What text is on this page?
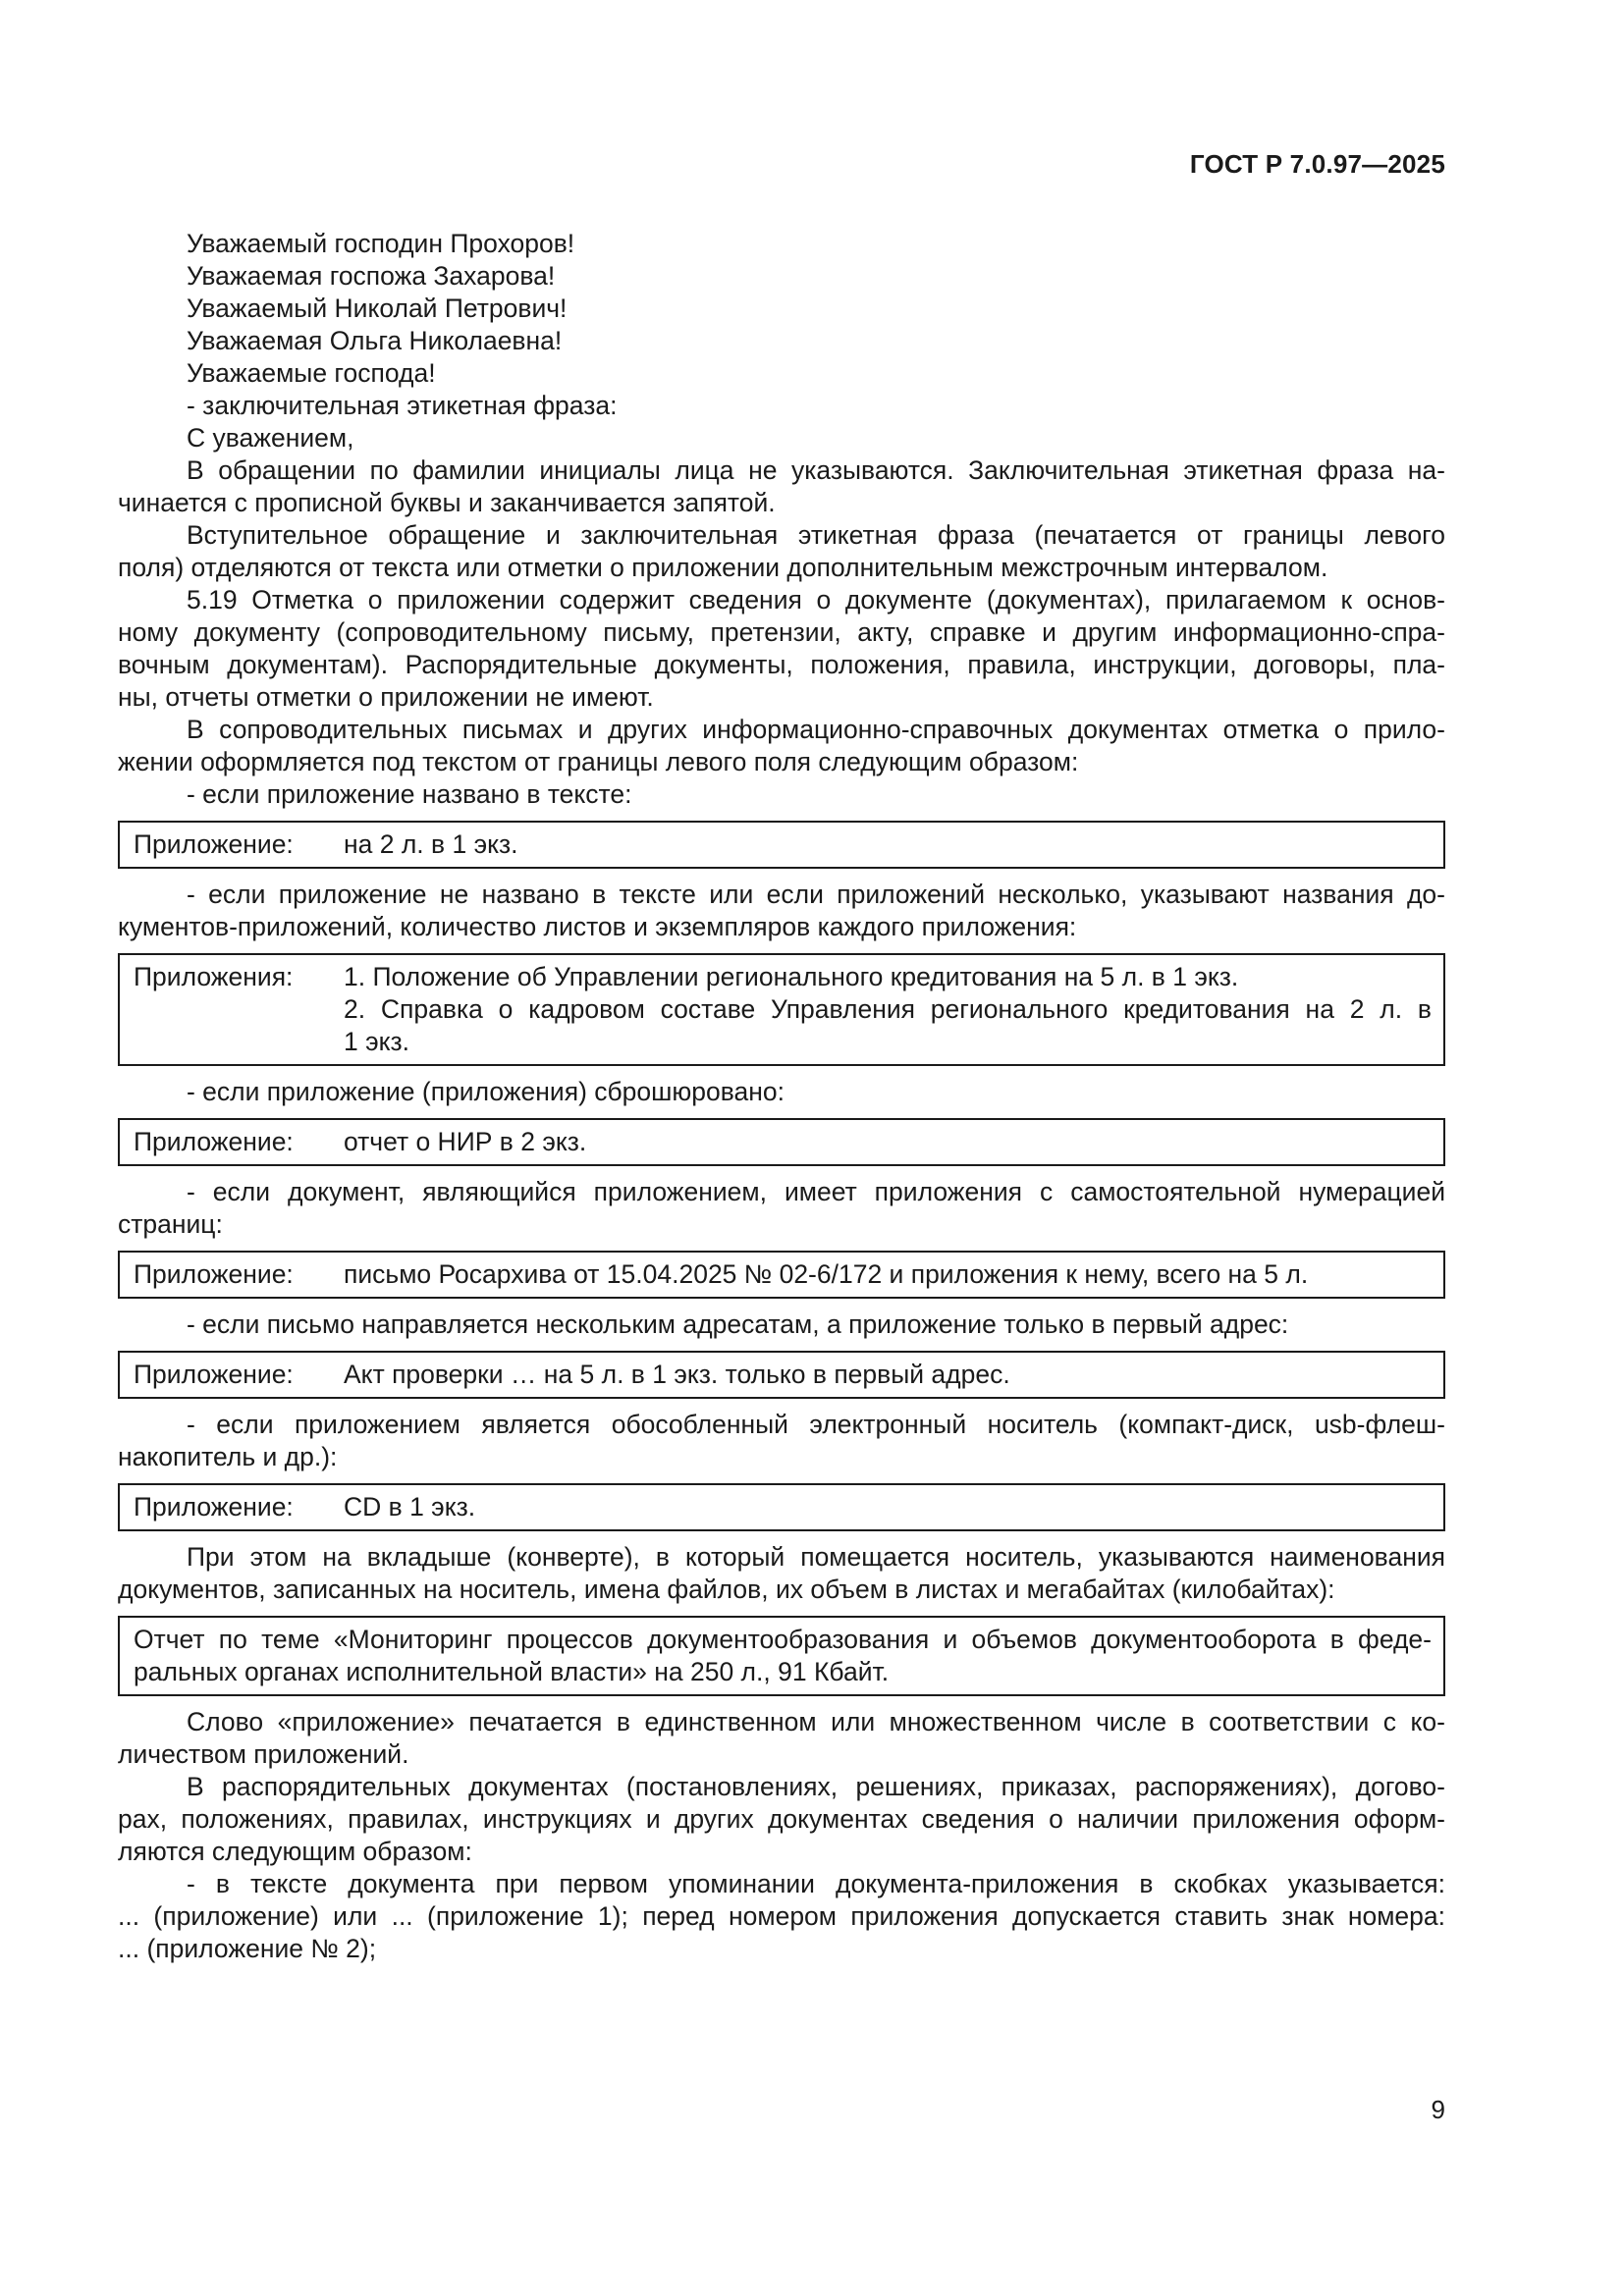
ГОСТ Р 7.0.97—2025
Уважаемый господин Прохоров!
Уважаемая госпожа Захарова!
Уважаемый Николай Петрович!
Уважаемая Ольга Николаевна!
Уважаемые господа!
- заключительная этикетная фраза:
С уважением,
В обращении по фамилии инициалы лица не указываются. Заключительная этикетная фраза на-
чинается с прописной буквы и заканчивается запятой.
Вступительное обращение и заключительная этикетная фраза (печатается от границы левого
поля) отделяются от текста или отметки о приложении дополнительным межстрочным интервалом.
5.19 Отметка о приложении содержит сведения о документе (документах), прилагаемом к основ-
ному документу (сопроводительному письму, претензии, акту, справке и другим информационно-спра-
вочным документам). Распорядительные документы, положения, правила, инструкции, договоры, пла-
ны, отчеты отметки о приложении не имеют.
В сопроводительных письмах и других информационно-справочных документах отметка о прило-
жении оформляется под текстом от границы левого поля следующим образом:
- если приложение названо в тексте:
Приложение:	на 2 л. в 1 экз.
- если приложение не названо в тексте или если приложений несколько, указывают названия до-
кументов-приложений, количество листов и экземпляров каждого приложения:
Приложения:	1. Положение об Управлении регионального кредитования на 5 л. в 1 экз.
2. Справка о кадровом составе Управления регионального кредитования на 2 л. в
1 экз.
- если приложение (приложения) сброшюровано:
Приложение:	отчет о НИР в 2 экз.
- если документ, являющийся приложением, имеет приложения с самостоятельной нумерацией
страниц:
Приложение:	письмо Росархива от 15.04.2025 № 02-6/172 и приложения к нему, всего на 5 л.
- если письмо направляется нескольким адресатам, а приложение только в первый адрес:
Приложение:	Акт проверки … на 5 л. в 1 экз. только в первый адрес.
- если приложением является обособленный электронный носитель (компакт-диск, usb-флеш-
накопитель и др.):
Приложение:	CD в 1 экз.
При этом на вкладыше (конверте), в который помещается носитель, указываются наименования
документов, записанных на носитель, имена файлов, их объем в листах и мегабайтах (килобайтах):
Отчет по теме «Мониторинг процессов документообразования и объемов документооборота в феде-
ральных органах исполнительной власти» на 250 л., 91 Кбайт.
Слово «приложение» печатается в единственном или множественном числе в соответствии с ко-
личеством приложений.
В распорядительных документах (постановлениях, решениях, приказах, распоряжениях), догово-
рах, положениях, правилах, инструкциях и других документах сведения о наличии приложения оформ-
ляются следующим образом:
- в тексте документа при первом упоминании документа-приложения в скобках указывается:
... (приложение) или ... (приложение 1); перед номером приложения допускается ставить знак номера:
... (приложение № 2);
9
